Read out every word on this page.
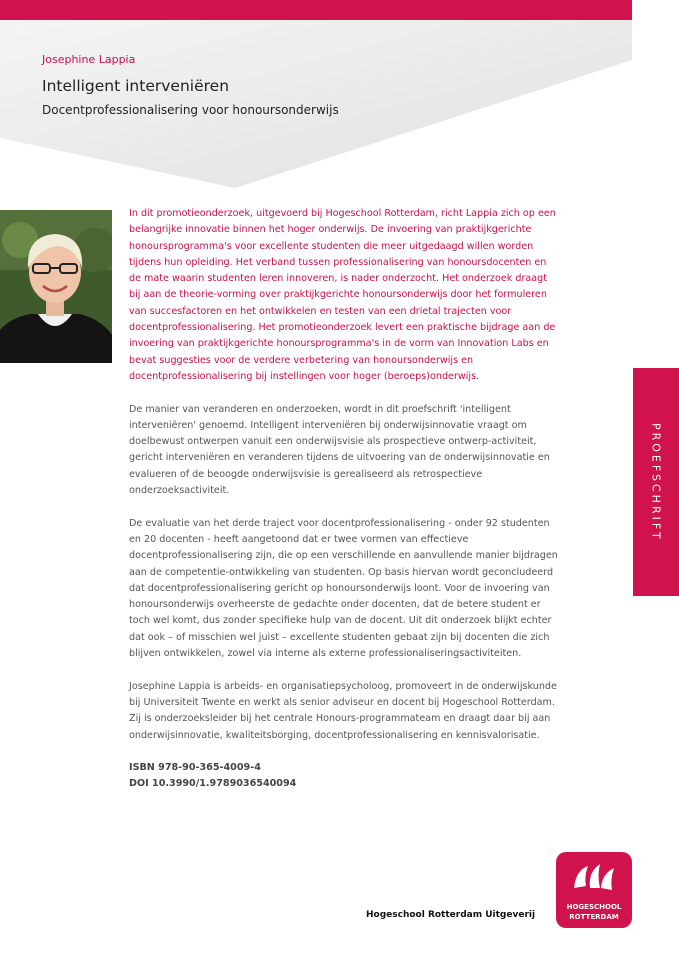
Josephine Lappia

Intelligent interveniëren

Docentprofessionalisering voor honoursonderwijs

In dit promotieonderzoek, uitgevoerd bij Hogeschool Rotterdam, richt Lappia zich op een belangrijke innovatie binnen het hoger onderwijs. De invoering van praktijkgerichte honoursprogramma's voor excellente studenten die meer uitgedaagd willen worden tijdens hun opleiding. Het verband tussen professionalisering van honoursdocenten en de mate waarin studenten leren innoveren, is nader onderzocht. Het onderzoek draagt bij aan de theorie-vorming over praktijkgerichte honoursonderwijs door het formuleren van succesfactoren en het ontwikkelen en testen van een drietal trajecten voor docentprofessionalisering. Het promotieonderzoek levert een praktische bijdrage aan de invoering van praktijkgerichte honoursprogramma's in de vorm van Innovation Labs en bevat suggesties voor de verdere verbetering van honoursonderwijs en docentprofessionalisering bij instellingen voor hoger (beroeps)onderwijs.

De manier van veranderen en onderzoeken, wordt in dit proefschrift 'intelligent interveniëren' genoemd. Intelligent interveniëren bij onderwijsinnovatie vraagt om doelbewust ontwerpen vanuit een onderwijsvisie als prospectieve ontwerp-activiteit, gericht interveniëren en veranderen tijdens de uitvoering van de onderwijsinnovatie en evalueren of de beoogde onderwijsvisie is gerealiseerd als retrospectieve onderzoeksactiviteit.

De evaluatie van het derde traject voor docentprofessionalisering - onder 92 studenten en 20 docenten - heeft aangetoond dat er twee vormen van effectieve docentprofessionalisering zijn, die op een verschillende en aanvullende manier bijdragen aan de competentie-ontwikkeling van studenten. Op basis hiervan wordt geconcludeerd dat docentprofessionalisering gericht op honoursonderwijs loont. Voor de invoering van honoursonderwijs overheerste de gedachte onder docenten, dat de betere student er toch wel komt, dus zonder specifieke hulp van de docent. Uit dit onderzoek blijkt echter dat ook – of misschien wel juist – excellente studenten gebaat zijn bij docenten die zich blijven ontwikkelen, zowel via interne als externe professionaliseringsactiviteiten.

Josephine Lappia is arbeids- en organisatiepsycholoog, promoveert in de onderwijskunde bij Universiteit Twente en werkt als senior adviseur en docent bij Hogeschool Rotterdam. Zij is onderzoeksleider bij het centrale Honours-programmateam en draagt daar bij aan onderwijsinnovatie, kwaliteitsborging, docentprofessionalisering en kennisvalorisatie.

ISBN 978-90-365-4009-4

DOI 10.3990/1.9789036540094

PROEFSCHRIFT

Hogeschool Rotterdam Uitgeverij

HOGESCHOOL

ROTTERDAM
